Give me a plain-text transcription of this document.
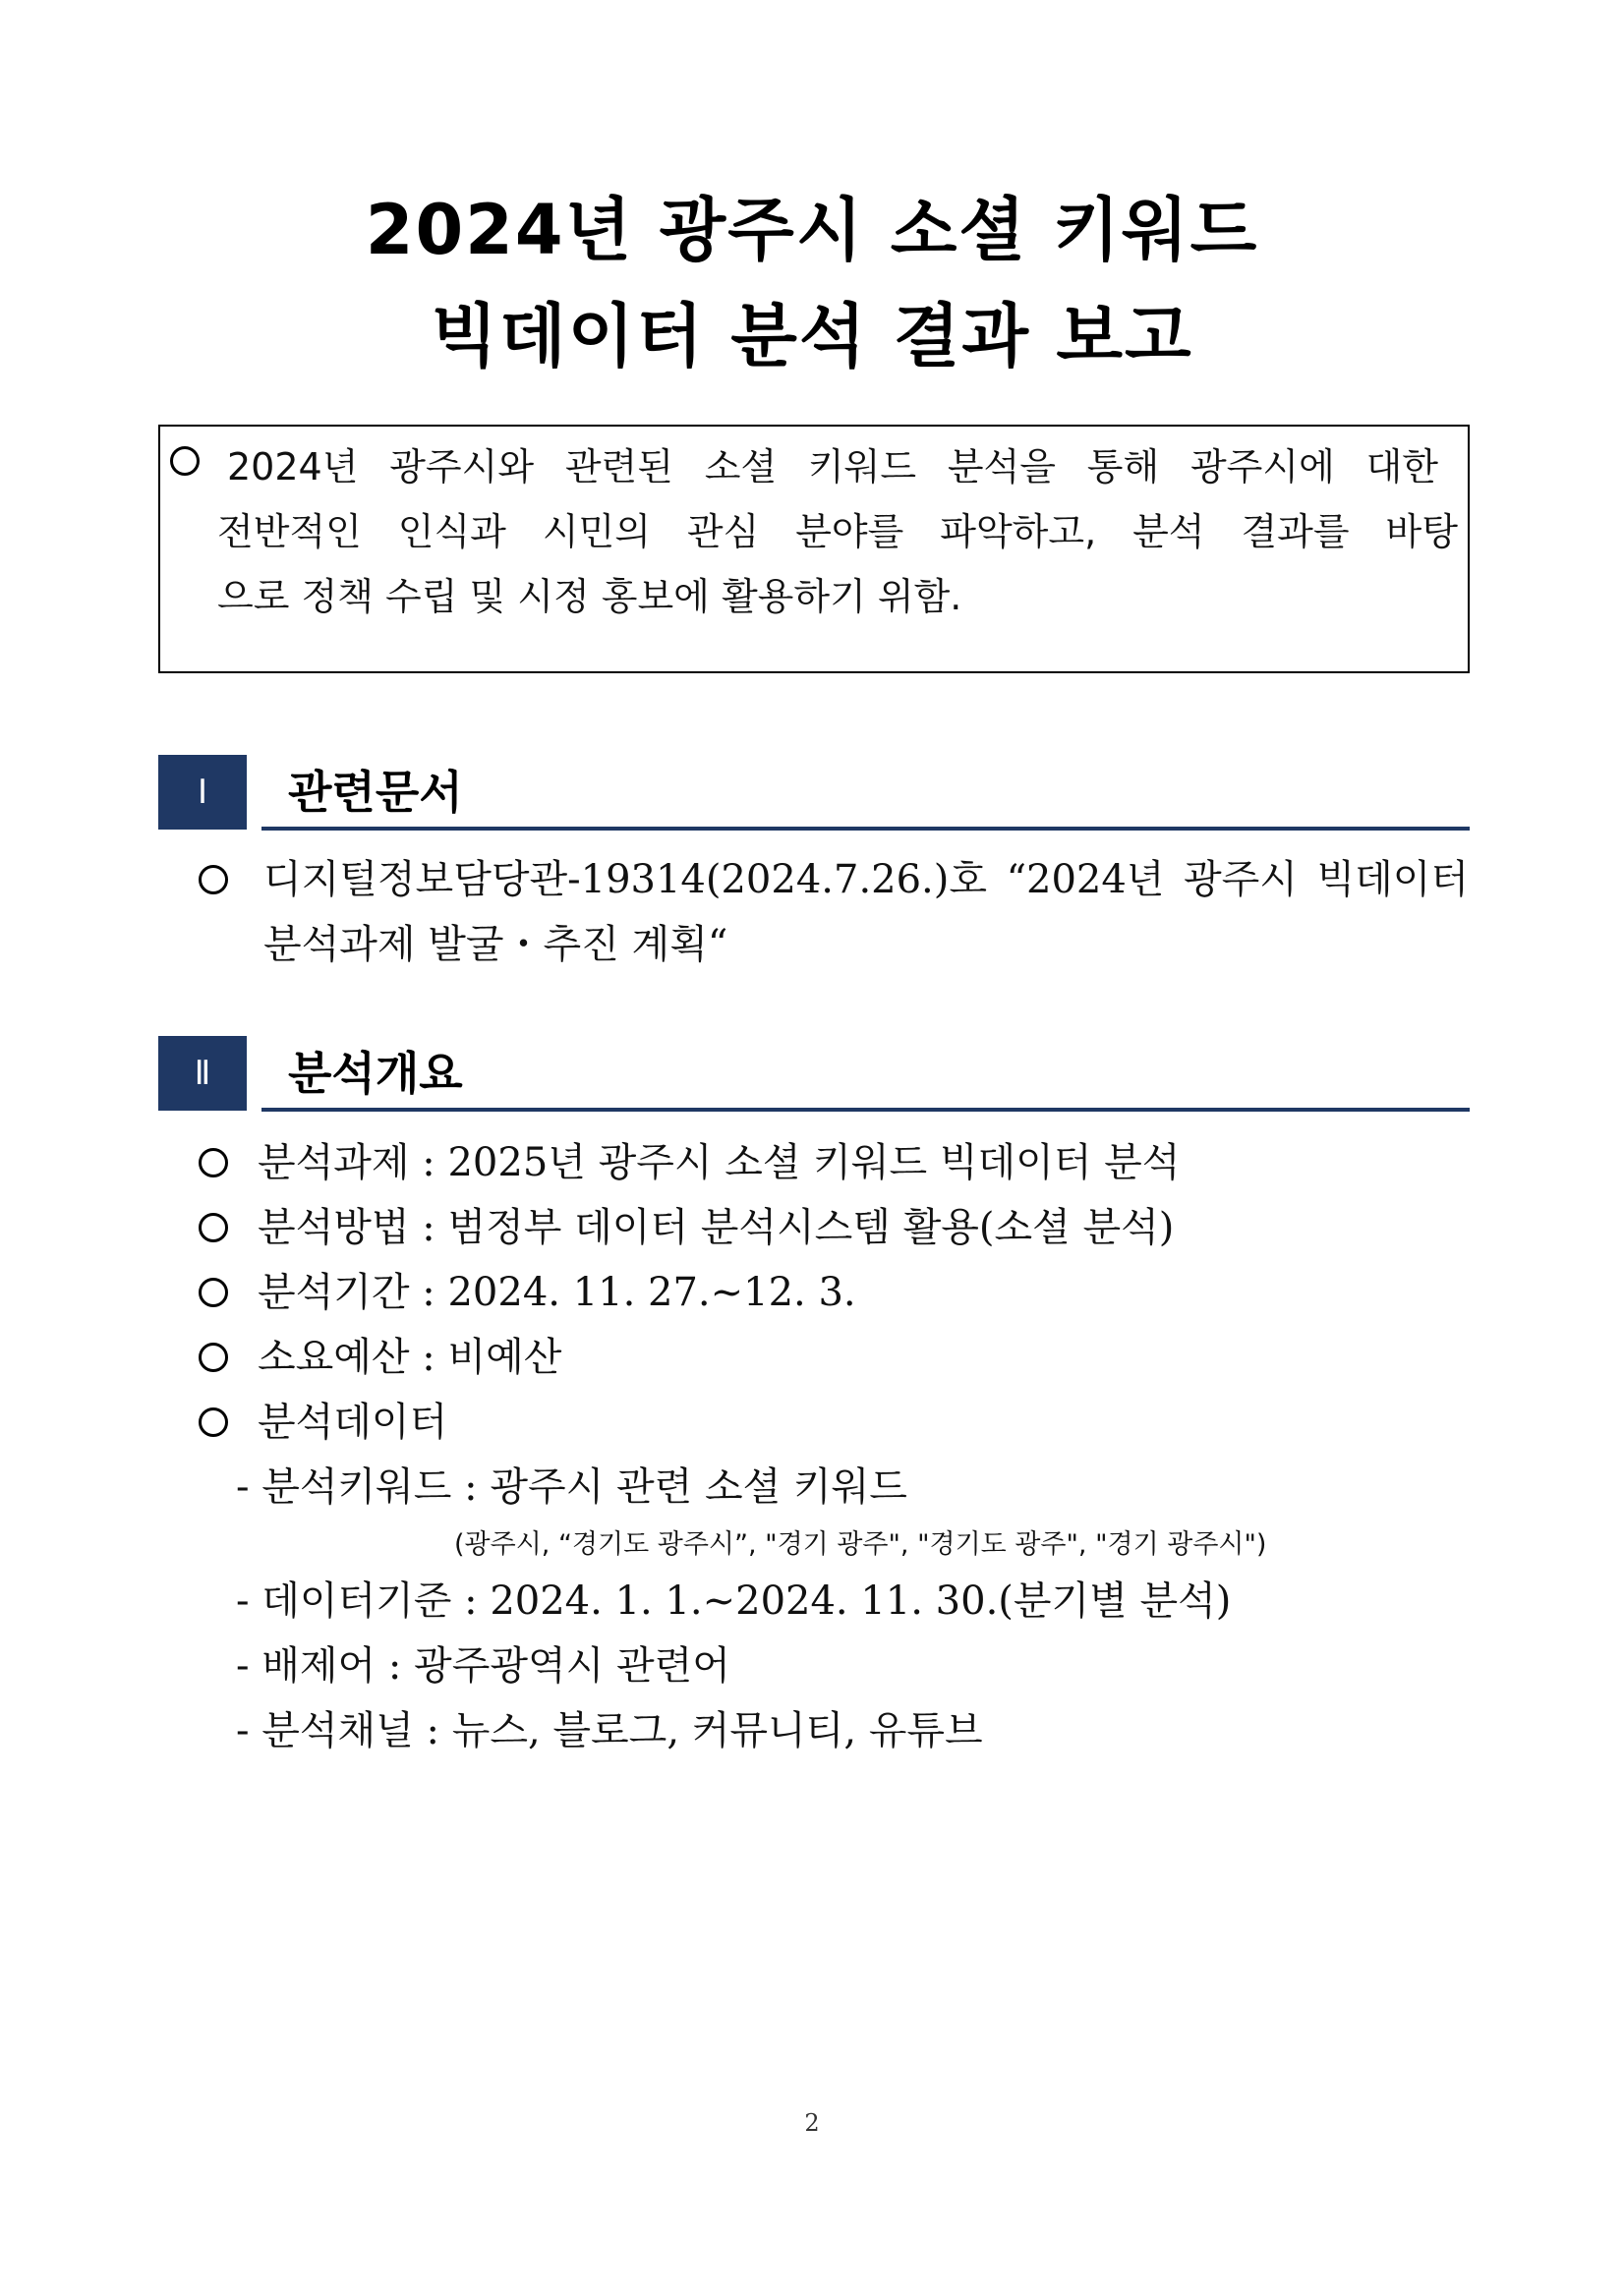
2024년 광주시 소셜 키워드
빅데이터 분석 결과 보고
2024년 광주시와 관련된 소셜 키워드 분석을 통해 광주시에 대한
전반적인 인식과 시민의 관심 분야를 파악하고, 분석 결과를 바탕
으로 정책 수립 및 시정 홍보에 활용하기 위함.
Ⅰ	관련문서
디지털정보담당관-19314(2024.7.26.)호 “2024년 광주시 빅데이터
분석과제 발굴・추진 계획“
Ⅱ	분석개요
분석과제 : 2025년 광주시 소셜 키워드 빅데이터 분석
분석방법 : 범정부 데이터 분석시스템 활용(소셜 분석)
분석기간 : 2024. 11. 27.~12. 3.
소요예산 : 비예산
분석데이터
- 분석키워드 : 광주시 관련 소셜 키워드
(광주시, “경기도 광주시”, "경기 광주", "경기도 광주", "경기 광주시")
- 데이터기준 : 2024. 1. 1.~2024. 11. 30.(분기별 분석)
- 배제어 : 광주광역시 관련어
- 분석채널 : 뉴스, 블로그, 커뮤니티, 유튜브
2
